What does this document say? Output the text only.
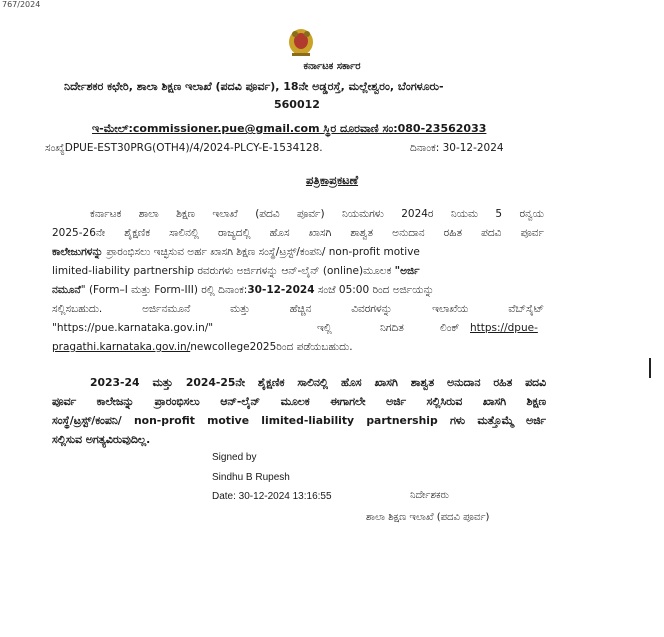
767/2024
ಕರ್ನಾಟಕ ಸರ್ಕಾರ
ನಿರ್ದೇಶಕರ ಕಛೇರಿ, ಶಾಲಾ ಶಿಕ್ಷಣ ಇಲಾಖೆ (ಪದವಿ ಪೂರ್ವ), 18ನೇ ಅಡ್ಡರಸ್ತೆ, ಮಲ್ಲೇಶ್ವರಂ, ಬೆಂಗಳೂರು-
560012
ಇ-ಮೇಲ್:commissioner.pue@gmail.com ಸ್ಥಿರ ದೂರವಾಣಿ ಸಂ:080-23562033
ಸಂಖ್ಯೆDPUE-EST30PRG(OTH4)/4/2024-PLCY-E-1534128.	ದಿನಾಂಕ: 30-12-2024
ಪತ್ರಿಕಾಪ್ರಕಟಣೆ
ಕರ್ನಾಟಕ ಶಾಲಾ ಶಿಕ್ಷಣ ಇಲಾಖೆ (ಪದವಿ ಪೂರ್ವ) ನಿಯಮಗಳು 2024ರ ನಿಯಮ 5 ರನ್ವಯ
2025-26ನೇ ಶೈಕ್ಷಣಿಕ ಸಾಲಿನಲ್ಲಿ ರಾಜ್ಯದಲ್ಲಿ ಹೊಸ ಖಾಸಗಿ ಶಾಶ್ವತ ಅನುದಾನ ರಹಿತ ಪದವಿ ಪೂರ್ವ
ಕಾಲೇಜುಗಳನ್ನು ಪ್ರಾರಂಭಿಸಲು ಇಚ್ಛಿಸುವ ಅರ್ಹ ಖಾಸಗಿ ಶಿಕ್ಷಣ ಸಂಸ್ಥೆ/ಟ್ರಸ್ಟ್/ಕಂಪನಿ/ non-profit motive
limited-liability partnership ರವರುಗಳು ಅರ್ಜಿಗಳನ್ನು ಆನ್-ಲೈನ್ (online)ಮೂಲಕ "ಅರ್ಜಿ
ನಮೂನೆ" (Form–I ಮತ್ತು Form-III) ರಲ್ಲಿ ದಿನಾಂಕ:30-12-2024 ಸಂಜೆ 05:00 ರಿಂದ ಅರ್ಜಿಯನ್ನು
ಸಲ್ಲಿಸಬಹುದು. ಅರ್ಜಿನಮೂನೆ ಮತ್ತು ಹೆಚ್ಚಿನ ವಿವರಗಳನ್ನು ಇಲಾಖೆಯ ವೆಬ್‌ಸೈಟ್
"https://pue.karnataka.gov.in/"	ಇಲ್ಲಿ	ನಿಗದಿತ	ಲಿಂಕ್ https://dpue-
pragathi.karnataka.gov.in/newcollege2025ರಿಂದ ಪಡೆಯಬಹುದು.
2023-24 ಮತ್ತು 2024-25ನೇ ಶೈಕ್ಷಣಿಕ ಸಾಲಿನಲ್ಲಿ ಹೊಸ ಖಾಸಗಿ ಶಾಶ್ವತ ಅನುದಾನ ರಹಿತ ಪದವಿ
ಪೂರ್ವ ಕಾಲೇಜನ್ನು ಪ್ರಾರಂಭಿಸಲು ಆನ್-ಲೈನ್ ಮೂಲಕ ಈಗಾಗಲೇ ಅರ್ಜಿ ಸಲ್ಲಿಸಿರುವ ಖಾಸಗಿ ಶಿಕ್ಷಣ
ಸಂಸ್ಥೆ/ಟ್ರಸ್ಟ್/ಕಂಪನಿ/ non-profit motive limited-liability partnership ಗಳು ಮತ್ತೊಮ್ಮೆ ಅರ್ಜಿ
ಸಲ್ಲಿಸುವ ಅಗತ್ಯವಿರುವುದಿಲ್ಲ.
Signed by
Sindhu B Rupesh
Date: 30-12-2024 13:16:55	ನಿರ್ದೇಶಕರು
ಶಾಲಾ ಶಿಕ್ಷಣ ಇಲಾಖೆ (ಪದವಿ ಪೂರ್ವ)
